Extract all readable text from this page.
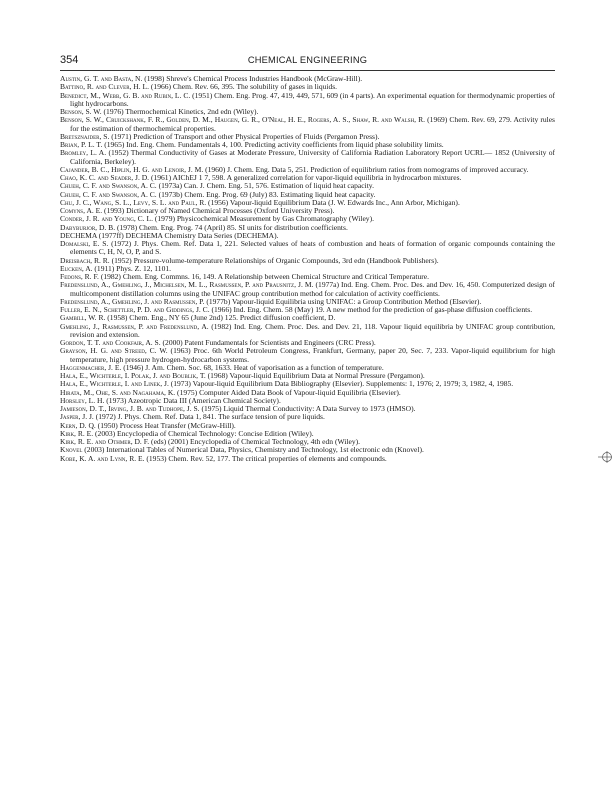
354	CHEMICAL ENGINEERING

Austin, G. T. and Basta, N. (1998) Shreve's Chemical Process Industries Handbook (McGraw-Hill).

Battino, R. and Clever, H. L. (1966) Chem. Rev. 66, 395. The solubility of gases in liquids.

Benedict, M., Webb, G. B. and Rubin, L. C. (1951) Chem. Eng. Prog. 47, 419, 449, 571, 609 (in 4 parts). An experimental equation for thermodynamic properties of light hydrocarbons.

Benson, S. W. (1976) Thermochemical Kinetics, 2nd edn (Wiley).

Benson, S. W., Cruickshank, F. R., Golden, D. M., Haugen, G. R., O'Neal, H. E., Rogers, A. S., Shaw, R. and Walsh, R. (1969) Chem. Rev. 69, 279. Activity rules for the estimation of thermochemical properties.

Bretsznajder, S. (1971) Prediction of Transport and other Physical Properties of Fluids (Pergamon Press).

Brian, P. L. T. (1965) Ind. Eng. Chem. Fundamentals 4, 100. Predicting activity coefficients from liquid phase solubility limits.

Bromley, L. A. (1952) Thermal Conductivity of Gases at Moderate Pressure, University of California Radiation Laboratory Report UCRL— 1852 (University of California, Berkeley).

Cajander, B. C., Hiplin, H. G. and Lenoir, J. M. (1960) J. Chem. Eng. Data 5, 251. Prediction of equilibrium ratios from nomograms of improved accuracy.

Chao, K. C. and Seader, J. D. (1961) AIChEJ 1 7, 598. A generalized correlation for vapor-liquid equilibria in hydrocarbon mixtures.

Chueh, C. F. and Swanson, A. C. (1973a) Can. J. Chem. Eng. 51, 576. Estimation of liquid heat capacity.

Chueh, C. F. and Swanson, A. C. (1973b) Chem. Eng. Prog. 69 (July) 83. Estimating liquid heat capacity.

Chu, J. C., Wang, S. L., Levy, S. L. and Paul, R. (1956) Vapour-liquid Equilibrium Data (J. W. Edwards Inc., Ann Arbor, Michigan).

Comyns, A. E. (1993) Dictionary of Named Chemical Processes (Oxford University Press).

Conder, J. R. and Young, C. L. (1979) Physicochemical Measurement by Gas Chromatography (Wiley).

Dabyburjor, D. B. (1978) Chem. Eng. Prog. 74 (April) 85. SI units for distribution coefficients.

DECHEMA (1977ff) DECHEMA Chemistry Data Series (DECHEMA).

Domalski, E. S. (1972) J. Phys. Chem. Ref. Data 1, 221. Selected values of heats of combustion and heats of formation of organic compounds containing the elements C, H, N, O, P, and S.

Dreisbach, R. R. (1952) Pressure-volume-temperature Relationships of Organic Compounds, 3rd edn (Handbook Publishers).

Eucken, A. (1911) Phys. Z. 12, 1101.

Fedons, R. F. (1982) Chem. Eng. Commns. 16, 149. A Relationship between Chemical Structure and Critical Temperature.

Fredenslund, A., Gmehling, J., Michelsen, M. L., Rasmussen, P. and Prausnitz, J. M. (1977a) Ind. Eng. Chem. Proc. Des. and Dev. 16, 450. Computerized design of multicomponent distillation columns using the UNIFAC group contribution method for calculation of activity coefficients.

Fredenslund, A., Gmehling, J. and Rasmussen, P. (1977b) Vapour-liquid Equilibria using UNIFAC: a Group Contribution Method (Elsevier).

Fuller, E. N., Schettler, P. D. and Giddings, J. C. (1966) Ind. Eng. Chem. 58 (May) 19. A new method for the prediction of gas-phase diffusion coefficients.

Gambill, W. R. (1958) Chem. Eng., NY 65 (June 2nd) 125. Predict diffusion coefficient, D.

Gmehling, J., Rasmussen, P. and Fredenslund, A. (1982) Ind. Eng. Chem. Proc. Des. and Dev. 21, 118. Vapour liquid equilibria by UNIFAC group contribution, revision and extension.

Gordon, T. T. and Cookfair, A. S. (2000) Patent Fundamentals for Scientists and Engineers (CRC Press).

Grayson, H. G. and Streed, C. W. (1963) Proc. 6th World Petroleum Congress, Frankfurt, Germany, paper 20, Sec. 7, 233. Vapor-liquid equilibrium for high temperature, high pressure hydrogen-hydrocarbon systems.

Haggenmacher, J. E. (1946) J. Am. Chem. Soc. 68, 1633. Heat of vaporisation as a function of temperature.

Hala, E., Wichterle, I. Polak, J. and Boublik, T. (1968) Vapour-liquid Equilibrium Data at Normal Pressure (Pergamon).

Hala, E., Wichterle, I. and Linek, J. (1973) Vapour-liquid Equilibrium Data Bibliography (Elsevier). Supplements: 1, 1976; 2, 1979; 3, 1982, 4, 1985.

Hirata, M., Ohe, S. and Nagahama, K. (1975) Computer Aided Data Book of Vapour-liquid Equilibria (Elsevier).

Horsley, L. H. (1973) Azeotropic Data III (American Chemical Society).

Jamieson, D. T., Irving, J. B. and Tudhope, J. S. (1975) Liquid Thermal Conductivity: A Data Survey to 1973 (HMSO).

Jasper, J. J. (1972) J. Phys. Chem. Ref. Data 1, 841. The surface tension of pure liquids.

Kern, D. Q. (1950) Process Heat Transfer (McGraw-Hill).

Kirk, R. E. (2003) Encyclopedia of Chemical Technology: Concise Edition (Wiley).

Kirk, R. E. and Othmer, D. F. (eds) (2001) Encyclopedia of Chemical Technology, 4th edn (Wiley).

Knovel (2003) International Tables of Numerical Data, Physics, Chemistry and Technology, 1st electronic edn (Knovel).

Kobe, K. A. and Lynn, R. E. (1953) Chem. Rev. 52, 177. The critical properties of elements and compounds.
